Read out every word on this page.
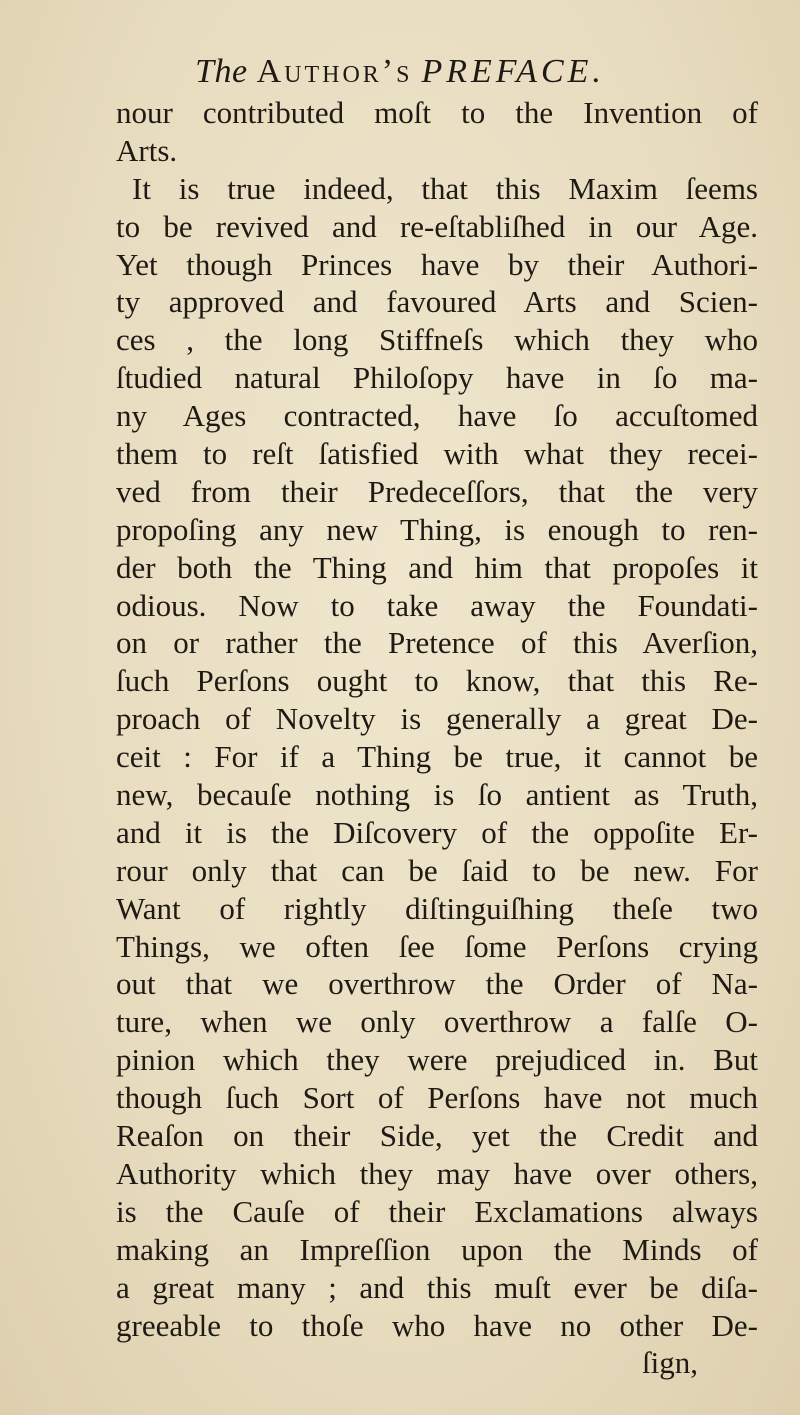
The Author’s PREFACE.
nour contributed moſt to the Invention of
Arts.
It is true indeed, that this Maxim ſeems
to be revived and re-eſtabliſhed in our Age.
Yet though Princes have by their Authori-
ty approved and favoured Arts and Scien-
ces , the long Stiffneſs which they who
ſtudied natural Philoſopy have in ſo ma-
ny Ages contracted, have ſo accuſtomed
them to reſt ſatisfied with what they recei-
ved from their Predeceſſors, that the very
propoſing any new Thing, is enough to ren-
der both the Thing and him that propoſes it
odious. Now to take away the Foundati-
on or rather the Pretence of this Averſion,
ſuch Perſons ought to know, that this Re-
proach of Novelty is generally a great De-
ceit : For if a Thing be true, it cannot be
new, becauſe nothing is ſo antient as Truth,
and it is the Diſcovery of the oppoſite Er-
rour only that can be ſaid to be new. For
Want of rightly diſtinguiſhing theſe two
Things, we often ſee ſome Perſons crying
out that we overthrow the Order of Na-
ture, when we only overthrow a falſe O-
pinion which they were prejudiced in. But
though ſuch Sort of Perſons have not much
Reaſon on their Side, yet the Credit and
Authority which they may have over others,
is the Cauſe of their Exclamations always
making an Impreſſion upon the Minds of
a great many ; and this muſt ever be diſa-
greeable to thoſe who have no other De-
ſign,
